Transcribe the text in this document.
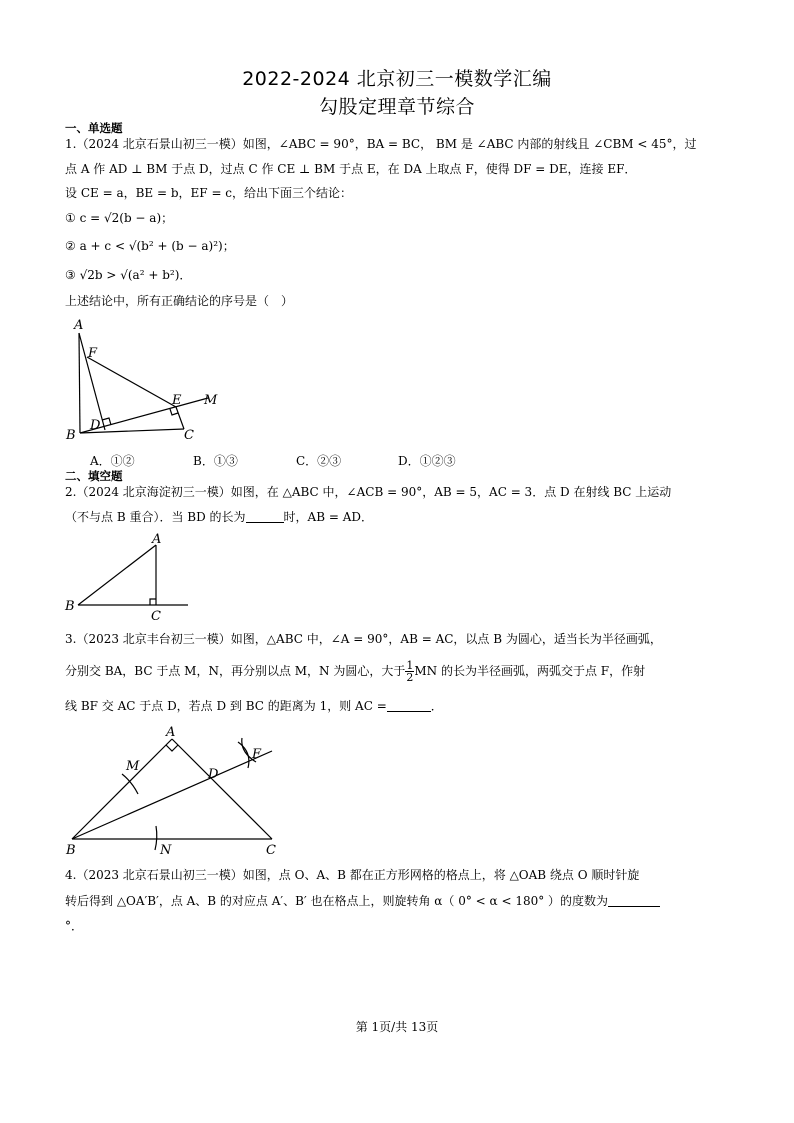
2022-2024 北京初三一模数学汇编
勾股定理章节综合
一、单选题
1.（2024 北京石景山初三一模）如图，∠ABC = 90°，BA = BC， BM 是 ∠ABC 内部的射线且 ∠CBM < 45°，过
点 A 作 AD ⊥ BM 于点 D，过点 C 作 CE ⊥ BM 于点 E，在 DA 上取点 F，使得 DF = DE，连接 EF．
设 CE = a，BE = b，EF = c，给出下面三个结论：
① c = √2(b − a)；
② a + c < √(b² + (b − a)²)；
③ √2b > √(a² + b²)．
上述结论中，所有正确结论的序号是（　）
A
F
E M
D
B	C
A．①②	B．①③	C．②③	D．①②③
二、填空题
2.（2024 北京海淀初三一模）如图，在 △ABC 中，∠ACB = 90°，AB = 5，AC = 3．点 D 在射线 BC 上运动
（不与点 B 重合）．当 BD 的长为	时，AB = AD．
A
B
C
3.（2023 北京丰台初三一模）如图，△ABC 中，∠A = 90°，AB = AC，以点 B 为圆心，适当长为半径画弧，
分别交 BA，BC 于点 M，N，再分别以点 M，N 为圆心，大于 $\frac{1}{2}$ MN 的长为半径画弧，两弧交于点 F，作射
线 BF 交 AC 于点 D，若点 D 到 BC 的距离为 1，则 AC =	．
A
M
D
F
B	N	C
4.（2023 北京石景山初三一模）如图，点 O、A、B 都在正方形网格的格点上，将 △OAB 绕点 O 顺时针旋
转后得到 △OA′B′，点 A、B 的对应点 A′、B′ 也在格点上，则旋转角 α（ 0° < α < 180° ）的度数为
°．
第 1页/共 13页
